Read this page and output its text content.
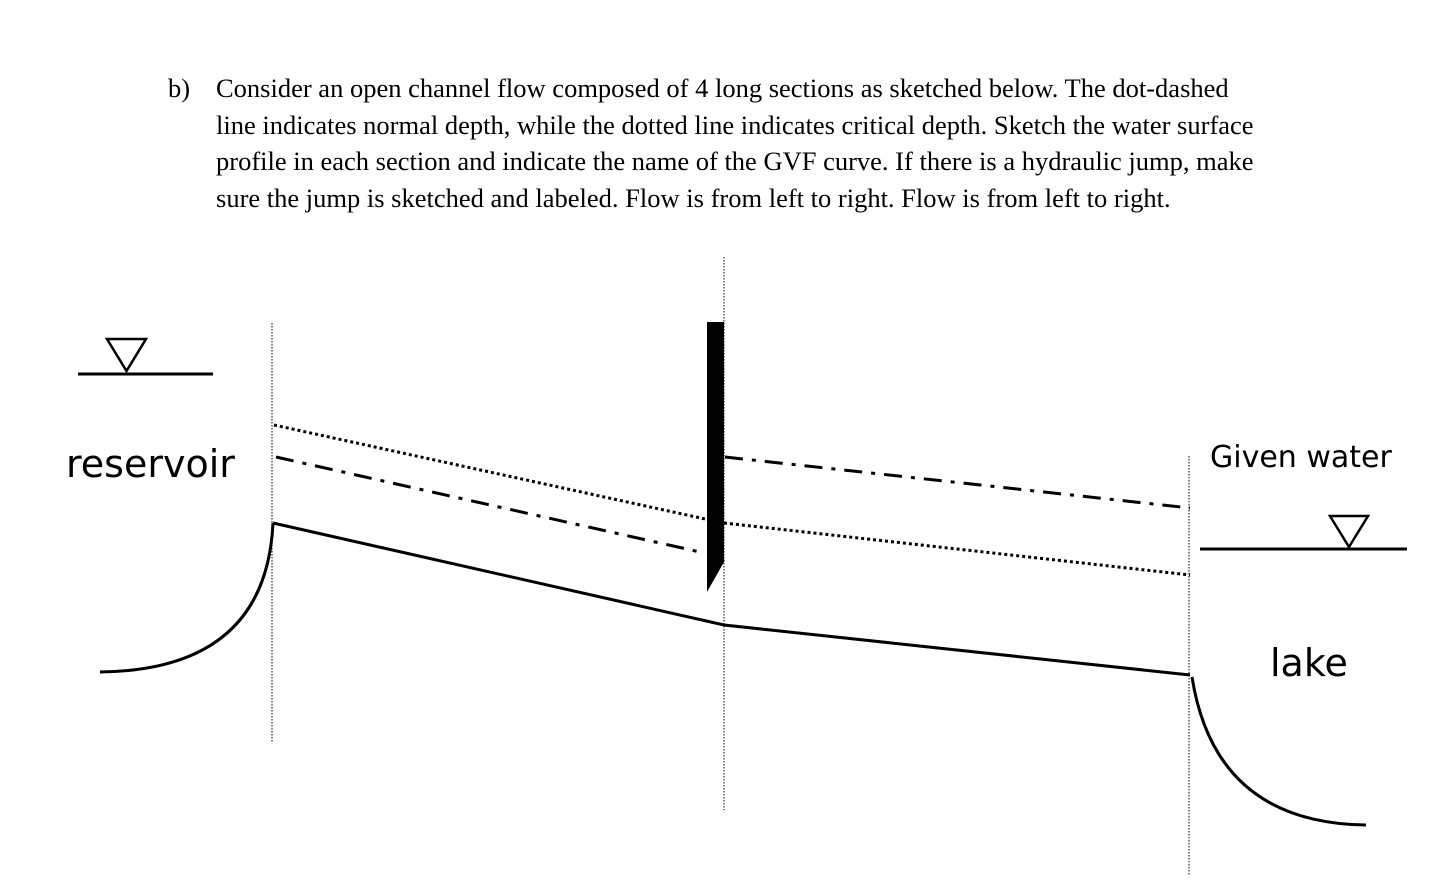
b) Consider an open channel flow composed of 4 long sections as sketched below. The dot-dashed
line indicates normal depth, while the dotted line indicates critical depth. Sketch the water surface
profile in each section and indicate the name of the GVF curve. If there is a hydraulic jump, make
sure the jump is sketched and labeled. Flow is from left to right. Flow is from left to right.
reservoir	Given water
lake
